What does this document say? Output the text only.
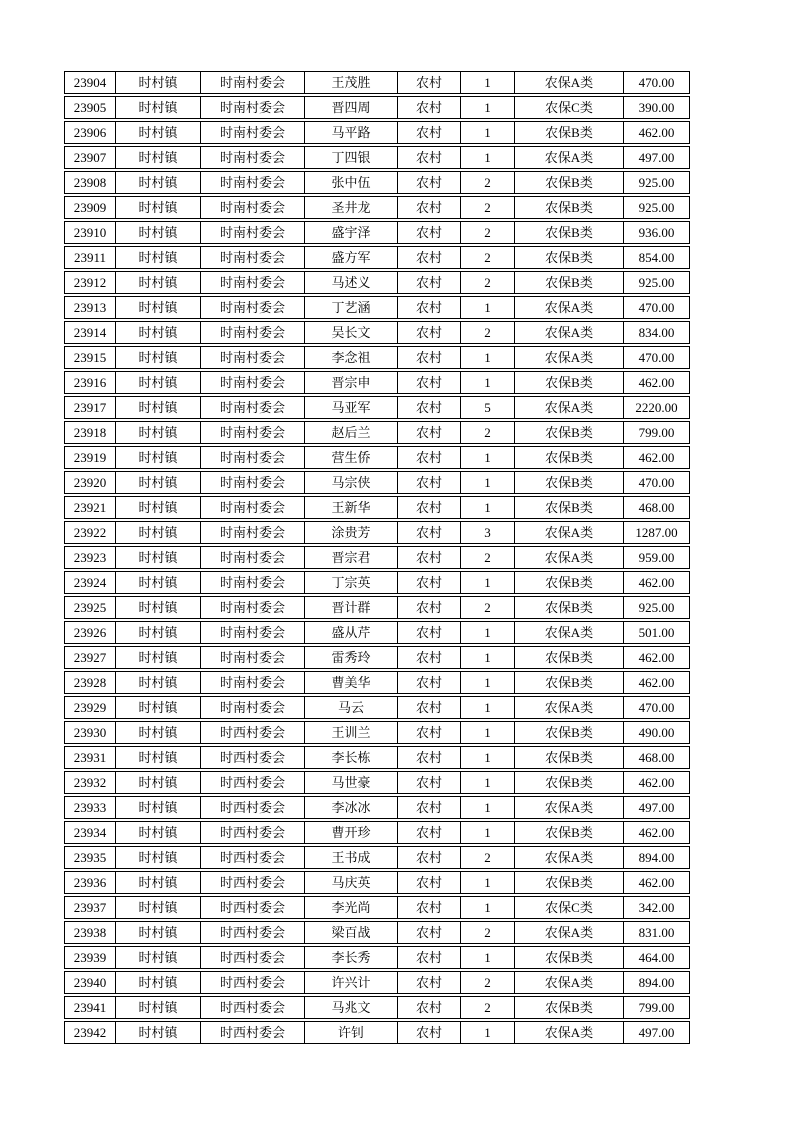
23904	时村镇	时南村委会	王茂胜	农村	1	农保A类	470.00
23905	时村镇	时南村委会	晋四周	农村	1	农保C类	390.00
23906	时村镇	时南村委会	马平路	农村	1	农保B类	462.00
23907	时村镇	时南村委会	丁四银	农村	1	农保A类	497.00
23908	时村镇	时南村委会	张中伍	农村	2	农保B类	925.00
23909	时村镇	时南村委会	圣井龙	农村	2	农保B类	925.00
23910	时村镇	时南村委会	盛宇泽	农村	2	农保B类	936.00
23911	时村镇	时南村委会	盛方军	农村	2	农保B类	854.00
23912	时村镇	时南村委会	马述义	农村	2	农保B类	925.00
23913	时村镇	时南村委会	丁艺涵	农村	1	农保A类	470.00
23914	时村镇	时南村委会	吴长文	农村	2	农保A类	834.00
23915	时村镇	时南村委会	李念祖	农村	1	农保A类	470.00
23916	时村镇	时南村委会	晋宗申	农村	1	农保B类	462.00
23917	时村镇	时南村委会	马亚军	农村	5	农保A类	2220.00
23918	时村镇	时南村委会	赵后兰	农村	2	农保B类	799.00
23919	时村镇	时南村委会	营生侨	农村	1	农保B类	462.00
23920	时村镇	时南村委会	马宗侠	农村	1	农保B类	470.00
23921	时村镇	时南村委会	王新华	农村	1	农保B类	468.00
23922	时村镇	时南村委会	涂贵芳	农村	3	农保A类	1287.00
23923	时村镇	时南村委会	晋宗君	农村	2	农保A类	959.00
23924	时村镇	时南村委会	丁宗英	农村	1	农保B类	462.00
23925	时村镇	时南村委会	晋计群	农村	2	农保B类	925.00
23926	时村镇	时南村委会	盛从芹	农村	1	农保A类	501.00
23927	时村镇	时南村委会	雷秀玲	农村	1	农保B类	462.00
23928	时村镇	时南村委会	曹美华	农村	1	农保B类	462.00
23929	时村镇	时南村委会	马云	农村	1	农保A类	470.00
23930	时村镇	时西村委会	王训兰	农村	1	农保B类	490.00
23931	时村镇	时西村委会	李长栋	农村	1	农保B类	468.00
23932	时村镇	时西村委会	马世豪	农村	1	农保B类	462.00
23933	时村镇	时西村委会	李冰冰	农村	1	农保A类	497.00
23934	时村镇	时西村委会	曹开珍	农村	1	农保B类	462.00
23935	时村镇	时西村委会	王书成	农村	2	农保A类	894.00
23936	时村镇	时西村委会	马庆英	农村	1	农保B类	462.00
23937	时村镇	时西村委会	李光尚	农村	1	农保C类	342.00
23938	时村镇	时西村委会	梁百战	农村	2	农保A类	831.00
23939	时村镇	时西村委会	李长秀	农村	1	农保B类	464.00
23940	时村镇	时西村委会	许兴计	农村	2	农保A类	894.00
23941	时村镇	时西村委会	马兆文	农村	2	农保B类	799.00
23942	时村镇	时西村委会	许钊	农村	1	农保A类	497.00
